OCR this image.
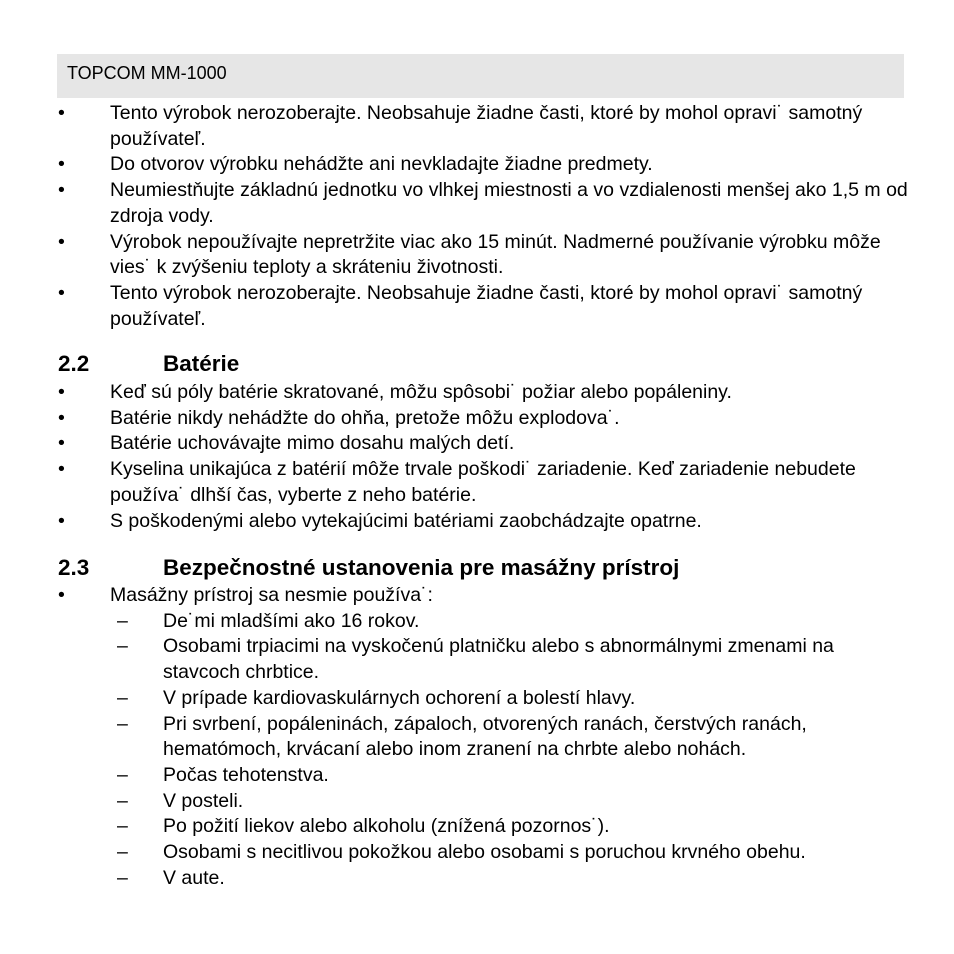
TOPCOM MM-1000
• Tento výrobok nerozoberajte. Neobsahuje žiadne časti, ktoré by mohol opravi˙ samotný používateľ.
• Do otvorov výrobku nehádžte ani nevkladajte žiadne predmety.
• Neumiestňujte základnú jednotku vo vlhkej miestnosti a vo vzdialenosti menšej ako 1,5 m od zdroja vody.
• Výrobok nepoužívajte nepretržite viac ako 15 minút. Nadmerné používanie výrobku môže vies˙ k zvýšeniu teploty a skráteniu životnosti.
• Tento výrobok nerozoberajte. Neobsahuje žiadne časti, ktoré by mohol opravi˙ samotný používateľ.
2.2	Batérie
• Keď sú póly batérie skratované, môžu spôsobi˙ požiar alebo popáleniny.
• Batérie nikdy nehádžte do ohňa, pretože môžu explodova˙.
• Batérie uchovávajte mimo dosahu malých detí.
• Kyselina unikajúca z batérií môže trvale poškodi˙ zariadenie. Keď zariadenie nebudete používa˙ dlhší čas, vyberte z neho batérie.
• S poškodenými alebo vytekajúcimi batériami zaobchádzajte opatrne.
2.3	Bezpečnostné ustanovenia pre masážny prístroj
• Masážny prístroj sa nesmie používa˙:
– De˙mi mladšími ako 16 rokov.
– Osobami trpiacimi na vyskočenú platničku alebo s abnormálnymi zmenami na stavcoch chrbtice.
– V prípade kardiovaskulárnych ochorení a bolestí hlavy.
– Pri svrbení, popáleninách, zápaloch, otvorených ranách, čerstvých ranách, hematómoch, krvácaní alebo inom zranení na chrbte alebo nohách.
– Počas tehotenstva.
– V posteli.
– Po požití liekov alebo alkoholu (znížená pozornos˙).
– Osobami s necitlivou pokožkou alebo osobami s poruchou krvného obehu.
– V aute.
